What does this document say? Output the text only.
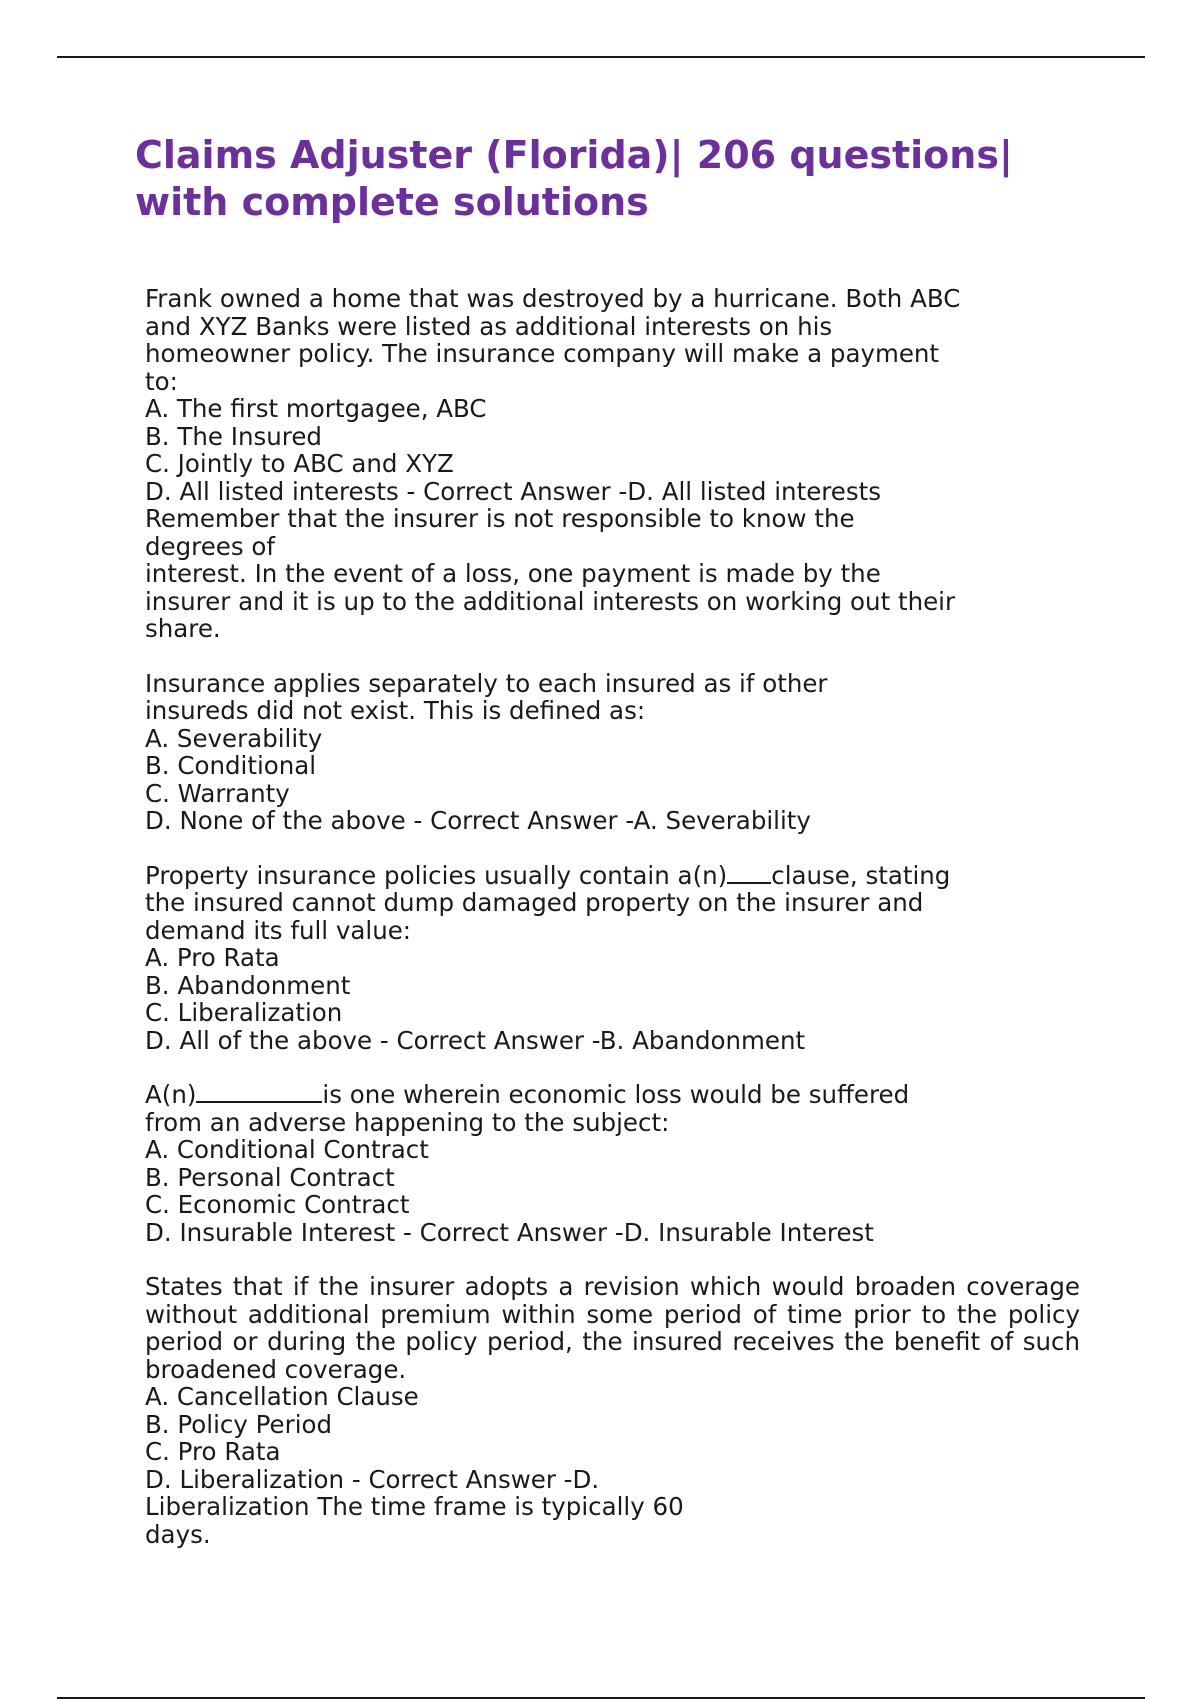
Claims Adjuster (Florida)| 206 questions| with complete solutions
Frank owned a home that was destroyed by a hurricane. Both ABC
and XYZ Banks were listed as additional interests on his
homeowner policy. The insurance company will make a payment
to:
A. The first mortgagee, ABC
B. The Insured
C. Jointly to ABC and XYZ
D. All listed interests - Correct Answer -D. All listed interests
Remember that the insurer is not responsible to know the
degrees of
interest. In the event of a loss, one payment is made by the
insurer and it is up to the additional interests on working out their
share.
Insurance applies separately to each insured as if other
insureds did not exist. This is defined as:
A. Severability
B. Conditional
C. Warranty
D. None of the above - Correct Answer -A. Severability
Property insurance policies usually contain a(n) clause, stating
the insured cannot dump damaged property on the insurer and
demand its full value:
A. Pro Rata
B. Abandonment
C. Liberalization
D. All of the above - Correct Answer -B. Abandonment
A(n)	is one wherein economic loss would be suffered
from an adverse happening to the subject:
A. Conditional Contract
B. Personal Contract
C. Economic Contract
D. Insurable Interest - Correct Answer -D. Insurable Interest
States that if the insurer adopts a revision which would broaden coverage without additional premium within some period of time prior to the policy period or during the policy period, the insured receives the benefit of such broadened coverage.
A. Cancellation Clause
B. Policy Period
C. Pro Rata
D. Liberalization - Correct Answer -D.
Liberalization The time frame is typically 60
days.
